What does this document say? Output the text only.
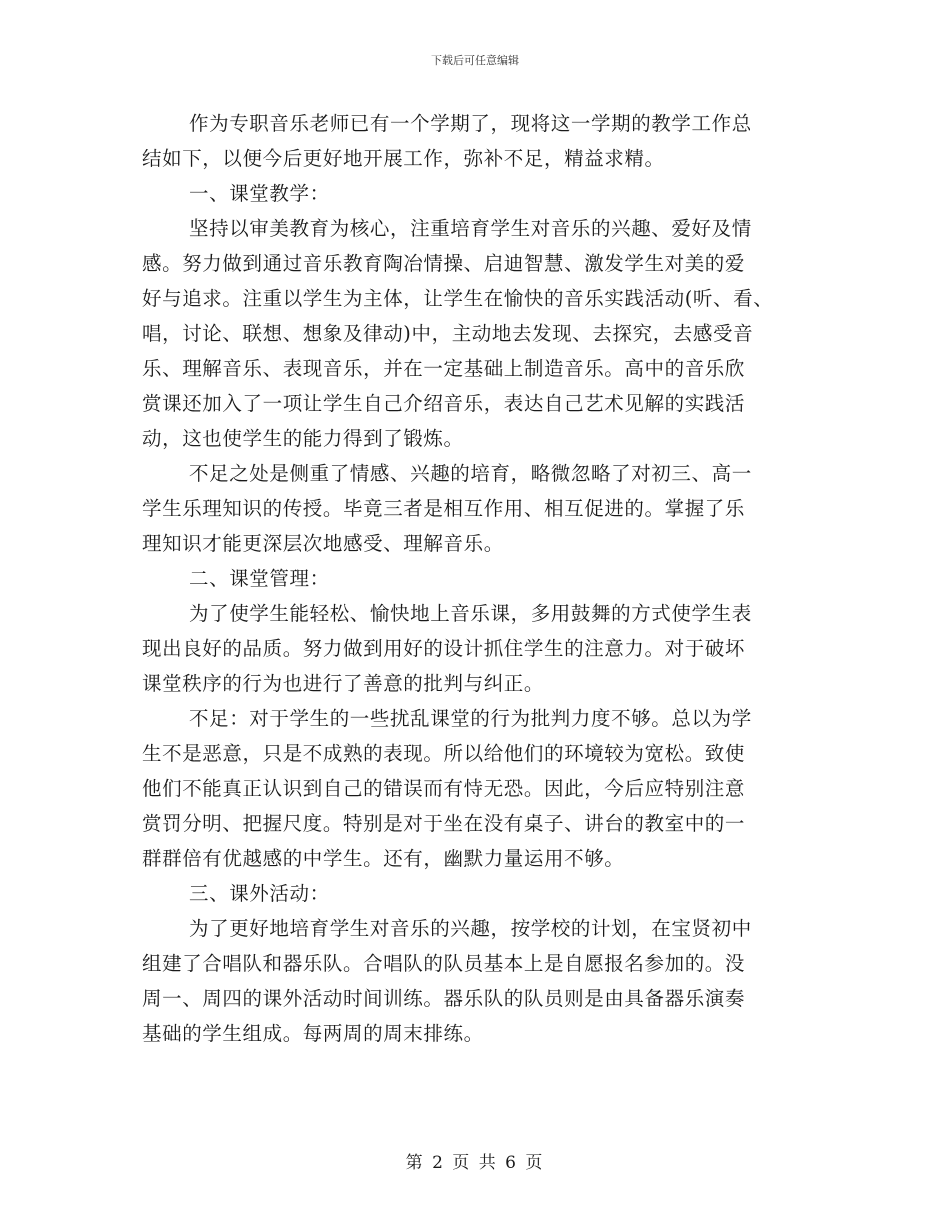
下载后可任意编辑
作为专职音乐老师已有一个学期了，现将这一学期的教学工作总
结如下，以便今后更好地开展工作，弥补不足，精益求精。
一、课堂教学：
坚持以审美教育为核心，注重培育学生对音乐的兴趣、爱好及情
感。努力做到通过音乐教育陶冶情操、启迪智慧、激发学生对美的爱
好与追求。注重以学生为主体，让学生在愉快的音乐实践活动(听、看、
唱，讨论、联想、想象及律动)中，主动地去发现、去探究，去感受音
乐、理解音乐、表现音乐，并在一定基础上制造音乐。高中的音乐欣
赏课还加入了一项让学生自己介绍音乐，表达自己艺术见解的实践活
动，这也使学生的能力得到了锻炼。
不足之处是侧重了情感、兴趣的培育，略微忽略了对初三、高一
学生乐理知识的传授。毕竟三者是相互作用、相互促进的。掌握了乐
理知识才能更深层次地感受、理解音乐。
二、课堂管理：
为了使学生能轻松、愉快地上音乐课，多用鼓舞的方式使学生表
现出良好的品质。努力做到用好的设计抓住学生的注意力。对于破坏
课堂秩序的行为也进行了善意的批判与纠正。
不足：对于学生的一些扰乱课堂的行为批判力度不够。总以为学
生不是恶意，只是不成熟的表现。所以给他们的环境较为宽松。致使
他们不能真正认识到自己的错误而有恃无恐。因此，今后应特别注意
赏罚分明、把握尺度。特别是对于坐在没有桌子、讲台的教室中的一
群群倍有优越感的中学生。还有，幽默力量运用不够。
三、课外活动：
为了更好地培育学生对音乐的兴趣，按学校的计划，在宝贤初中
组建了合唱队和器乐队。合唱队的队员基本上是自愿报名参加的。没
周一、周四的课外活动时间训练。器乐队的队员则是由具备器乐演奏
基础的学生组成。每两周的周末排练。
第 2 页 共 6 页
